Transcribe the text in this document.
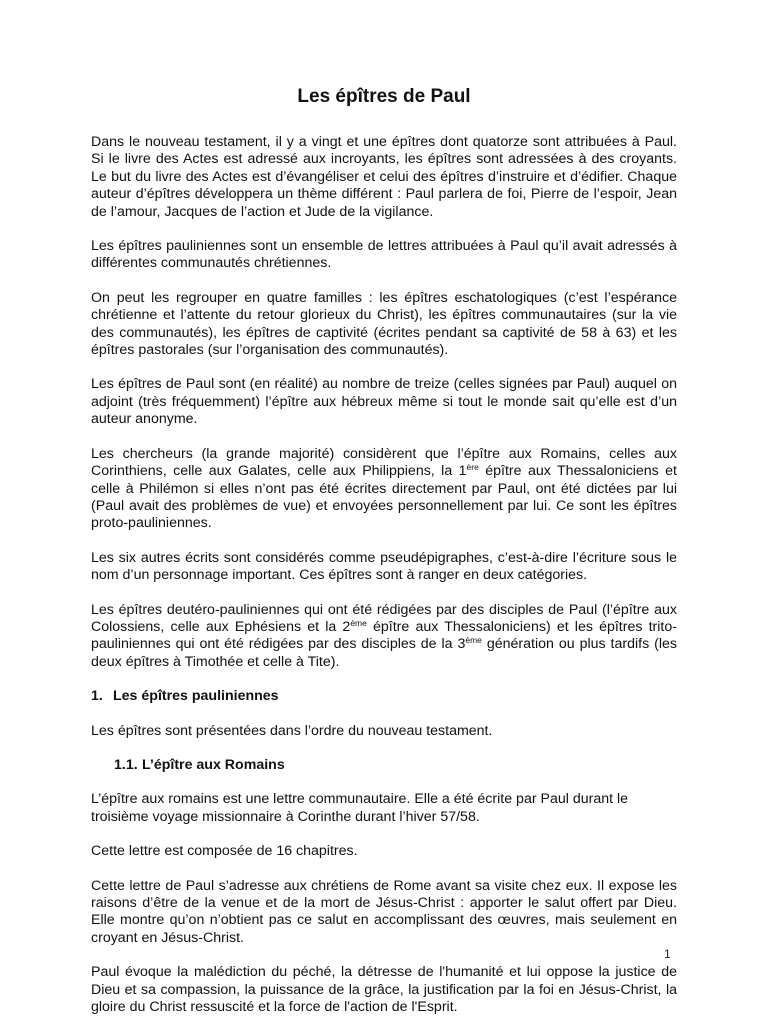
Les épîtres de Paul

Dans le nouveau testament, il y a vingt et une épîtres dont quatorze sont attribuées à Paul. Si le livre des Actes est adressé aux incroyants, les épîtres sont adressées à des croyants. Le but du livre des Actes est d’évangéliser et celui des épîtres d’instruire et d’édifier. Chaque auteur d’épîtres développera un thème différent : Paul parlera de foi, Pierre de l’espoir, Jean de l’amour, Jacques de l’action et Jude de la vigilance.

Les épîtres pauliniennes sont un ensemble de lettres attribuées à Paul qu’il avait adressés à différentes communautés chrétiennes.

On peut les regrouper en quatre familles : les épîtres eschatologiques (c’est l’espérance chrétienne et l’attente du retour glorieux du Christ), les épîtres communautaires (sur la vie des communautés), les épîtres de captivité (écrites pendant sa captivité de 58 à 63) et les épîtres pastorales (sur l’organisation des communautés).

Les épîtres de Paul sont (en réalité) au nombre de treize (celles signées par Paul) auquel on adjoint (très fréquemment) l’épître aux hébreux même si tout le monde sait qu’elle est d’un auteur anonyme.

Les chercheurs (la grande majorité) considèrent que l’épître aux Romains, celles aux Corinthiens, celle aux Galates, celle aux Philippiens, la 1ère épître aux Thessaloniciens et celle à Philémon si elles n’ont pas été écrites directement par Paul, ont été dictées par lui (Paul avait des problèmes de vue) et envoyées personnellement par lui. Ce sont les épîtres proto-pauliniennes.

Les six autres écrits sont considérés comme pseudépigraphes, c’est-à-dire l’écriture sous le nom d’un personnage important. Ces épîtres sont à ranger en deux catégories.

Les épîtres deutéro-pauliniennes qui ont été rédigées par des disciples de Paul (l’épître aux Colossiens, celle aux Ephésiens et la 2ème épître aux Thessaloniciens) et les épîtres trito-pauliniennes qui ont été rédigées par des disciples de la 3ème génération ou plus tardifs (les deux épîtres à Timothée et celle à Tite).

1. Les épîtres pauliniennes

Les épîtres sont présentées dans l’ordre du nouveau testament.

1.1. L’épître aux Romains

L’épître aux romains est une lettre communautaire. Elle a été écrite par Paul durant le troisième voyage missionnaire à Corinthe durant l’hiver 57/58.

Cette lettre est composée de 16 chapitres.

Cette lettre de Paul s’adresse aux chrétiens de Rome avant sa visite chez eux. Il expose les raisons d’être de la venue et de la mort de Jésus-Christ : apporter le salut offert par Dieu. Elle montre qu’on n’obtient pas ce salut en accomplissant des œuvres, mais seulement en croyant en Jésus-Christ.

Paul évoque la malédiction du péché, la détresse de l'humanité et lui oppose la justice de Dieu et sa compassion, la puissance de la grâce, la justification par la foi en Jésus-Christ, la gloire du Christ ressuscité et la force de l'action de l'Esprit.

1
